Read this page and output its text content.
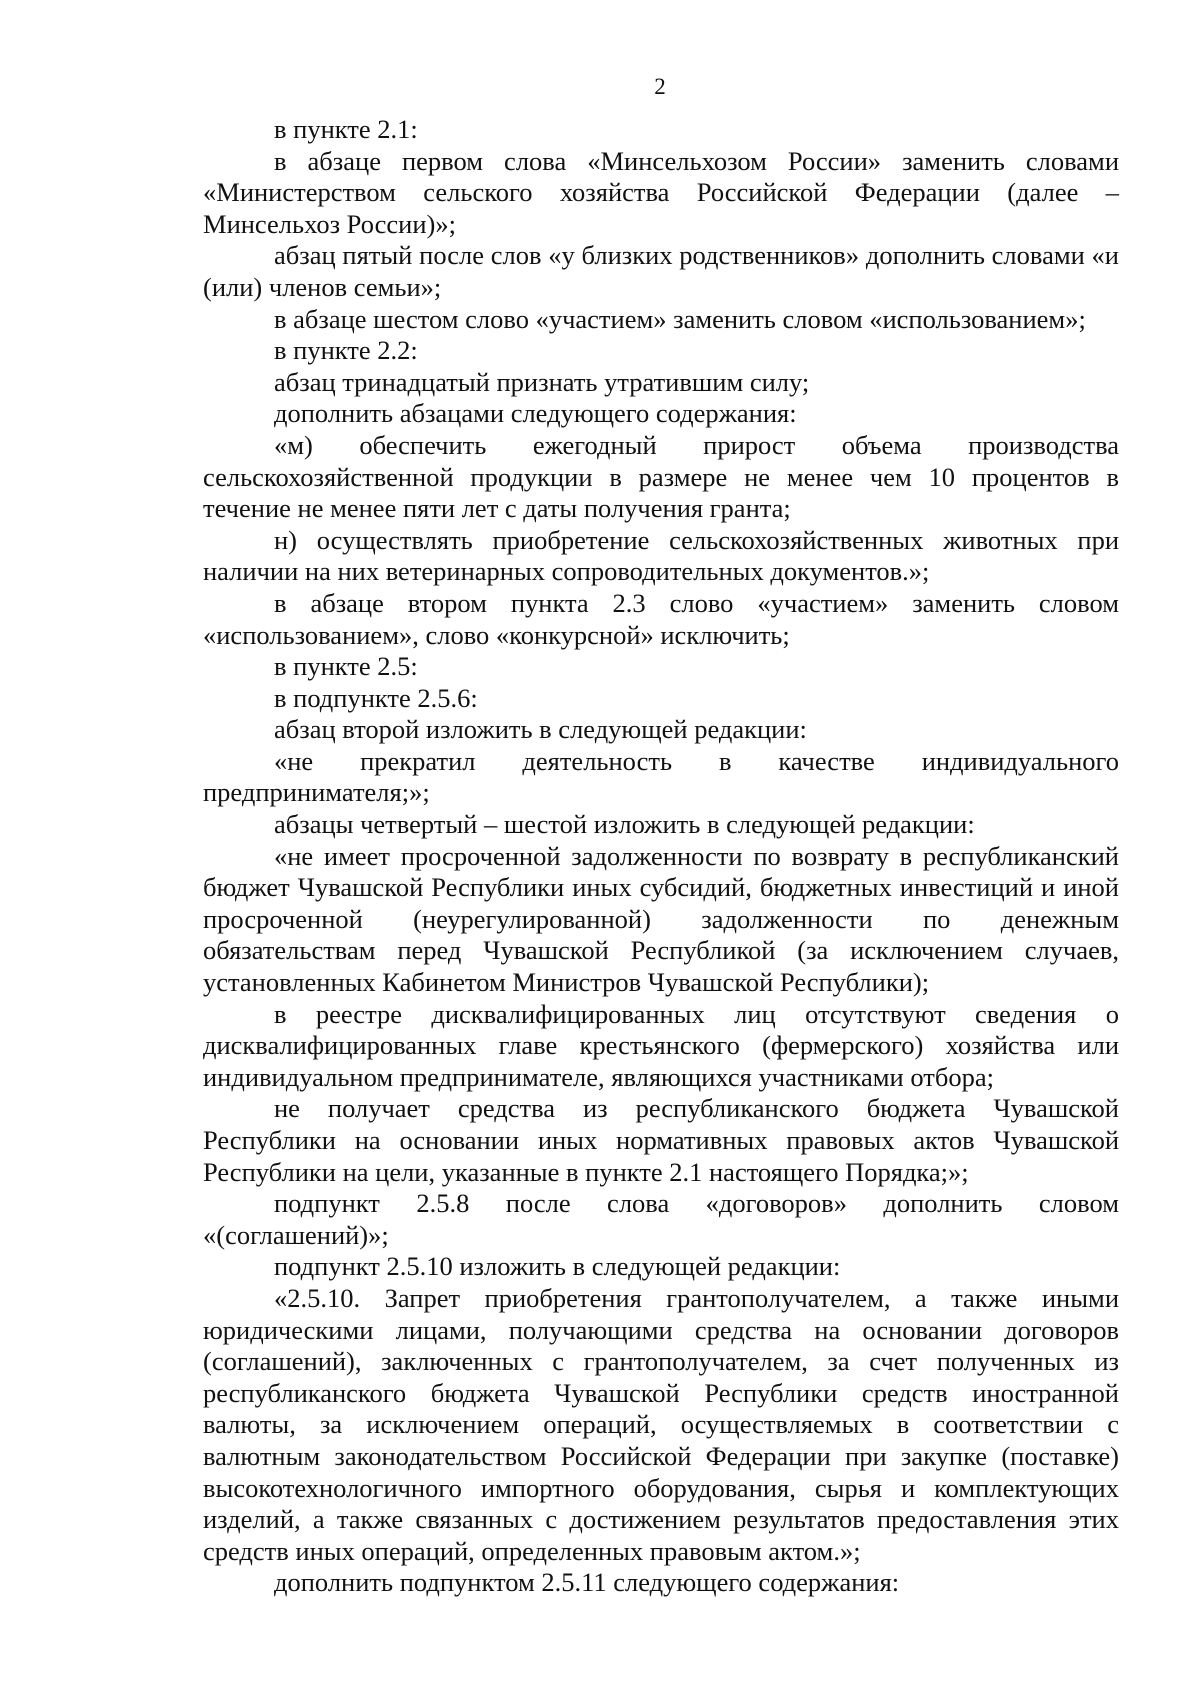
2

в пункте 2.1:

в абзаце первом слова «Минсельхозом России» заменить словами «Министерством сельского хозяйства Российской Федерации (далее – Минсельхоз России)»;

абзац пятый после слов «у близких родственников» дополнить словами «и (или) членов семьи»;

в абзаце шестом слово «участием» заменить словом «использованием»;

в пункте 2.2:

абзац тринадцатый признать утратившим силу;

дополнить абзацами следующего содержания:

«м) обеспечить ежегодный прирост объема производства сельскохозяйственной продукции в размере не менее чем 10 процентов в течение не менее пяти лет с даты получения гранта;

н) осуществлять приобретение сельскохозяйственных животных при наличии на них ветеринарных сопроводительных документов.»;

в абзаце втором пункта 2.3 слово «участием» заменить словом «использованием», слово «конкурсной» исключить;

в пункте 2.5:

в подпункте 2.5.6:

абзац второй изложить в следующей редакции:

«не прекратил деятельность в качестве индивидуального предпринимателя;»;

абзацы четвертый – шестой изложить в следующей редакции:

«не имеет просроченной задолженности по возврату в республиканский бюджет Чувашской Республики иных субсидий, бюджетных инвестиций и иной просроченной (неурегулированной) задолженности по денежным обязательствам перед Чувашской Республикой (за исключением случаев, установленных Кабинетом Министров Чувашской Республики);

в реестре дисквалифицированных лиц отсутствуют сведения о дисквалифицированных главе крестьянского (фермерского) хозяйства или индивидуальном предпринимателе, являющихся участниками отбора;

не получает средства из республиканского бюджета Чувашской Республики на основании иных нормативных правовых актов Чувашской Республики на цели, указанные в пункте 2.1 настоящего Порядка;»;

подпункт 2.5.8 после слова «договоров» дополнить словом «(соглашений)»;

подпункт 2.5.10 изложить в следующей редакции:

«2.5.10. Запрет приобретения грантополучателем, а также иными юридическими лицами, получающими средства на основании договоров (соглашений), заключенных с грантополучателем, за счет полученных из республиканского бюджета Чувашской Республики средств иностранной валюты, за исключением операций, осуществляемых в соответствии с валютным законодательством Российской Федерации при закупке (поставке) высокотехнологичного импортного оборудования, сырья и комплектующих изделий, а также связанных с достижением результатов предоставления этих средств иных операций, определенных правовым актом.»;

дополнить подпунктом 2.5.11 следующего содержания:
